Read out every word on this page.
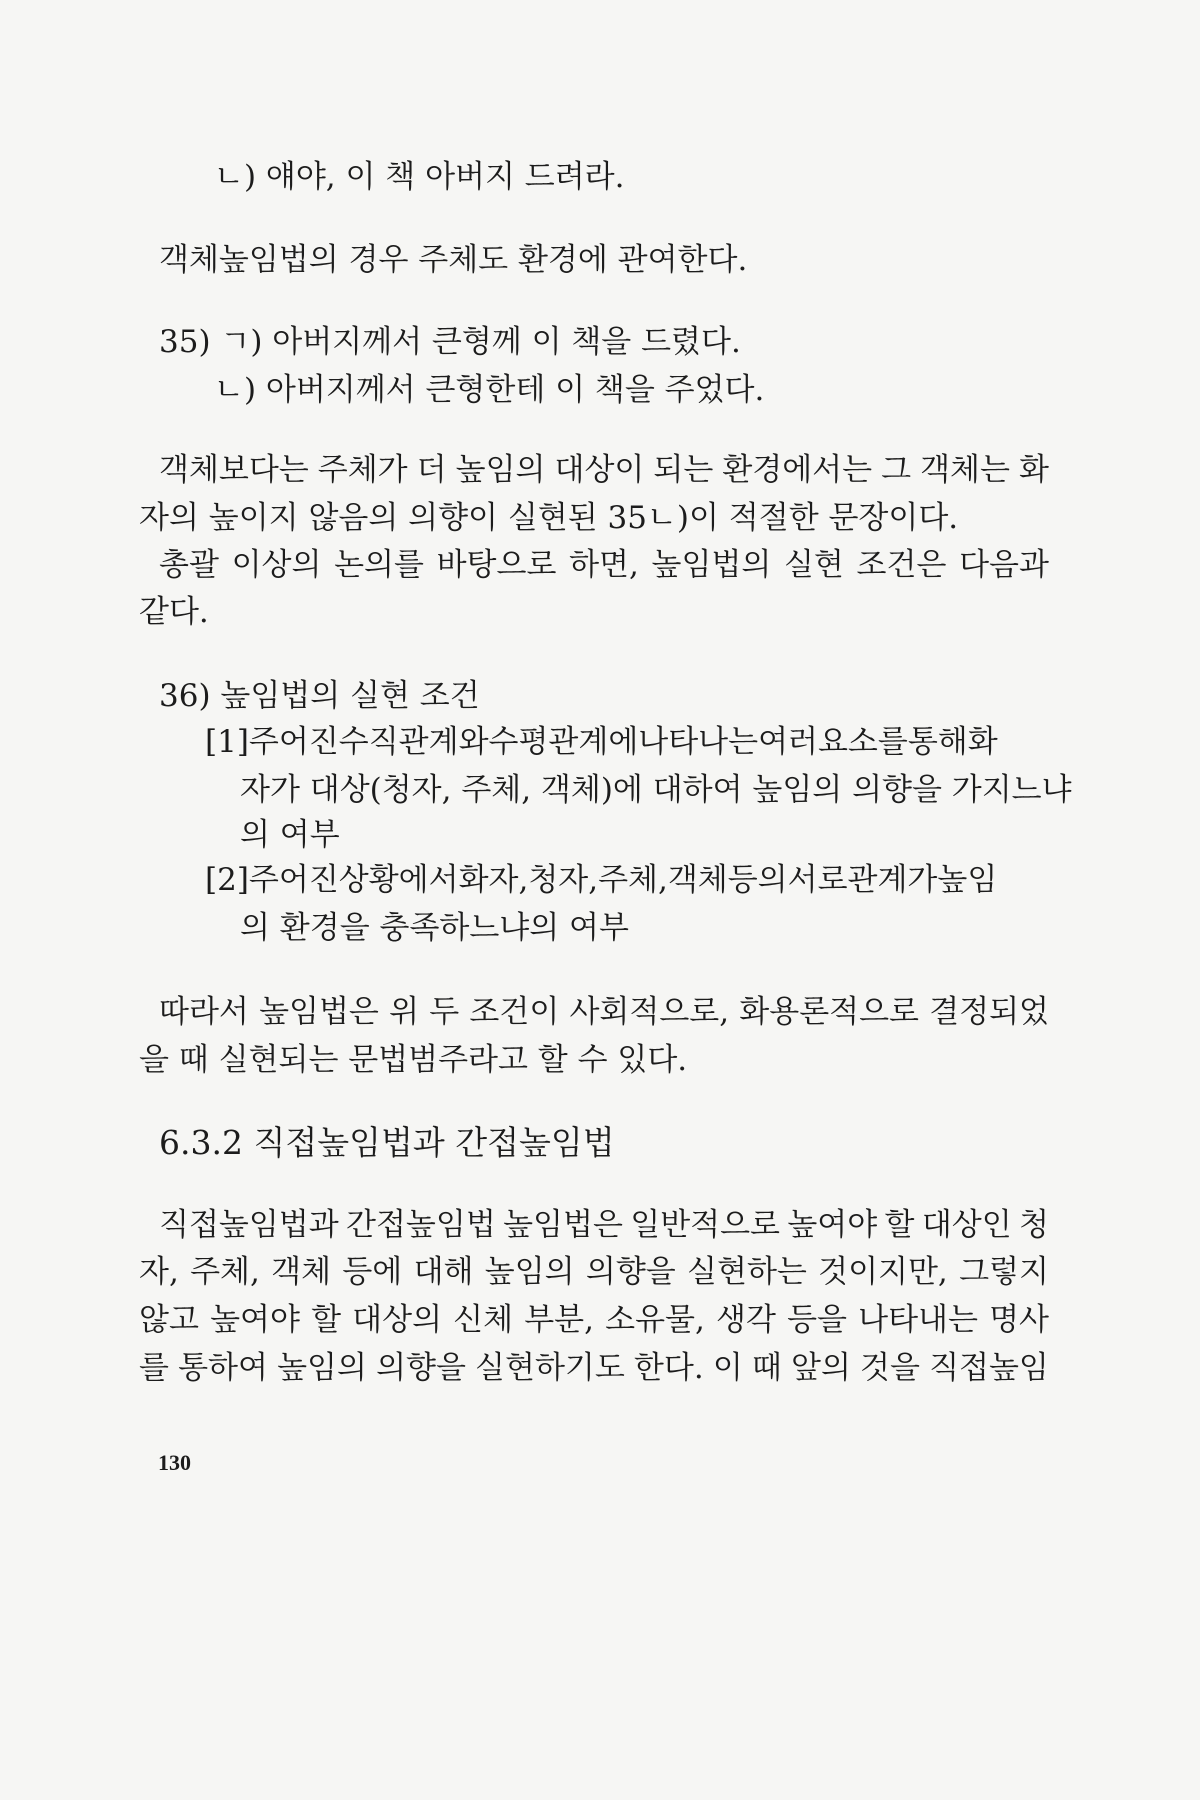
ㄴ) 얘야, 이 책 아버지 드려라.
객체높임법의 경우 주체도 환경에 관여한다.
35) ㄱ) 아버지께서 큰형께 이 책을 드렸다.
ㄴ) 아버지께서 큰형한테 이 책을 주었다.
객체보다는 주체가 더 높임의 대상이 되는 환경에서는 그 객체는 화
자의 높이지 않음의 의향이 실현된 35ㄴ)이 적절한 문장이다.
총괄 이상의 논의를 바탕으로 하면, 높임법의 실현 조건은 다음과
같다.
36) 높임법의 실현 조건
[1] 주어진 수직 관계와 수평 관계에 나타나는 여러 요소를 통해 화
자가 대상(청자, 주체, 객체)에 대하여 높임의 의향을 가지느냐
의 여부
[2] 주어진 상황에서 화자, 청자, 주체, 객체 등의 서로 관계가 높임
의 환경을 충족하느냐의 여부
따라서 높임법은 위 두 조건이 사회적으로, 화용론적으로 결정되었
을 때 실현되는 문법범주라고 할 수 있다.
6.3.2 직접높임법과 간접높임법
직접높임법과 간접높임법 높임법은 일반적으로 높여야 할 대상인 청
자, 주체, 객체 등에 대해 높임의 의향을 실현하는 것이지만, 그렇지
않고 높여야 할 대상의 신체 부분, 소유물, 생각 등을 나타내는 명사
를 통하여 높임의 의향을 실현하기도 한다. 이 때 앞의 것을 직접높임
130
